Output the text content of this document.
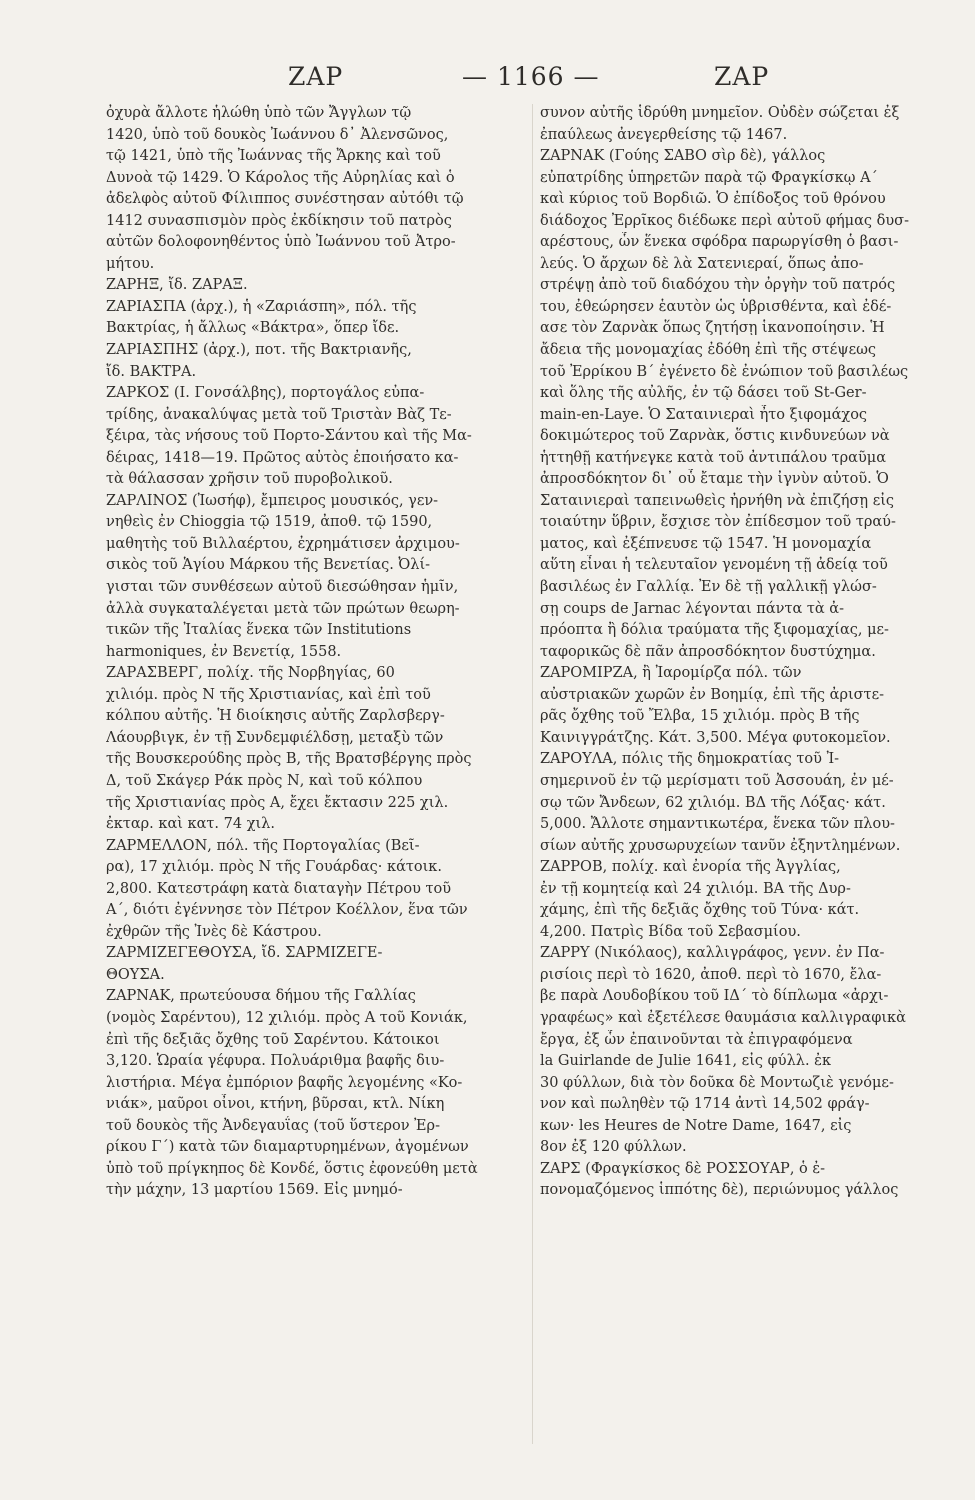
ZAP	— 1166 —	ZAP
ὀχυρὰ ἄλλοτε ἡλώθη ὑπὸ τῶν Ἄγγλων τῷ
1420, ὑπὸ τοῦ δουκὸς Ἰωάννου δ᾽ Ἀλενσῶνος,
τῷ 1421, ὑπὸ τῆς Ἰωάννας τῆς Ἄρκης καὶ τοῦ
Δυνοὰ τῷ 1429. Ὁ Κάρολος τῆς Αὐρηλίας καὶ ὁ
ἀδελφὸς αὐτοῦ Φίλιππος συνέστησαν αὐτόθι τῷ
1412 συνασπισμὸν πρὸς ἐκδίκησιν τοῦ πατρὸς
αὐτῶν δολοφονηθέντος ὑπὸ Ἰωάννου τοῦ Ἀτρο-
μήτου.
ΖΑΡΗΞ, ἴδ. ΖΑΡΑΞ.
ΖΑΡΙΑΣΠΑ (ἀρχ.), ἡ «Ζαριάσπη», πόλ. τῆς
Βακτρίας, ἡ ἄλλως «Βάκτρα», ὅπερ ἴδε.
ΖΑΡΙΑΣΠΗΣ (ἀρχ.), ποτ. τῆς Βακτριανῆς,
ἴδ. ΒΑΚΤΡΑ.
ΖΑΡΚΟΣ (Ι. Γονσάλβης), πορτογάλος εὐπα-
τρίδης, ἀνακαλύψας μετὰ τοῦ Τριστὰν Βὰζ Τε-
ξέιρα, τὰς νήσους τοῦ Πορτο-Σάντου καὶ τῆς Μα-
δέιρας, 1418—19. Πρῶτος αὐτὸς ἐποιήσατο κα-
τὰ θάλασσαν χρῆσιν τοῦ πυροβολικοῦ.
ΖΑΡΛΙΝΟΣ (Ἰωσήφ), ἔμπειρος μουσικός, γεν-
νηθεὶς ἐν Chioggia τῷ 1519, ἀποθ. τῷ 1590,
μαθητὴς τοῦ Βιλλαέρτου, ἐχρημάτισεν ἀρχιμου-
σικὸς τοῦ Ἁγίου Μάρκου τῆς Βενετίας. Ὀλί-
γισται τῶν συνθέσεων αὐτοῦ διεσώθησαν ἡμῖν,
ἀλλὰ συγκαταλέγεται μετὰ τῶν πρώτων θεωρη-
τικῶν τῆς Ἰταλίας ἕνεκα τῶν Institutions
harmoniques, ἐν Βενετίᾳ, 1558.
ΖΑΡΑΣΒΕΡΓ, πολίχ. τῆς Νορβηγίας, 60
χιλιόμ. πρὸς Ν τῆς Χριστιανίας, καὶ ἐπὶ τοῦ
κόλπου αὐτῆς. Ἡ διοίκησις αὐτῆς Ζαρλσβεργ-
Λάουρβιγκ, ἐν τῇ Συνδεμφιέλδσῃ, μεταξὺ τῶν
τῆς Βουσκερούδης πρὸς Β, τῆς Βρατσβέργης πρὸς
Δ, τοῦ Σκάγερ Ράκ πρὸς Ν, καὶ τοῦ κόλπου
τῆς Χριστιανίας πρὸς Α, ἔχει ἔκτασιν 225 χιλ.
ἐκταρ. καὶ κατ. 74 χιλ.
ΖΑΡΜΕΛΛΟΝ, πόλ. τῆς Πορτογαλίας (Βεῖ-
ρα), 17 χιλιόμ. πρὸς Ν τῆς Γουάρδας· κάτοικ.
2,800. Κατεστράφη κατὰ διαταγὴν Πέτρου τοῦ
Α΄, διότι ἐγέννησε τὸν Πέτρον Κοέλλον, ἕνα τῶν
ἐχθρῶν τῆς Ἰνὲς δὲ Κάστρου.
ΖΑΡΜΙΖΕΓΕΘΟΥΣΑ, ἴδ. ΣΑΡΜΙΖΕΓΕ-
ΘΟΥΣΑ.
ΖΑΡΝΑΚ, πρωτεύουσα δήμου τῆς Γαλλίας
(νομὸς Σαρέντου), 12 χιλιόμ. πρὸς Α τοῦ Κονιάκ,
ἐπὶ τῆς δεξιᾶς ὄχθης τοῦ Σαρέντου. Κάτοικοι
3,120. Ὡραία γέφυρα. Πολυάριθμα βαφῆς διυ-
λιστήρια. Μέγα ἐμπόριον βαφῆς λεγομένης «Κο-
νιάκ», μαῦροι οἶνοι, κτήνη, βῦρσαι, κτλ. Νίκη
τοῦ δουκὸς τῆς Ἀνδεγαυΐας (τοῦ ὕστερον Ἐρ-
ρίκου Γ΄) κατὰ τῶν διαμαρτυρημένων, ἀγομένων
ὑπὸ τοῦ πρίγκηπος δὲ Κονδέ, ὅστις ἐφονεύθη μετὰ
τὴν μάχην, 13 μαρτίου 1569. Εἰς μνημό-
συνον αὐτῆς ἱδρύθη μνημεῖον. Οὐδὲν σώζεται ἐξ
ἐπαύλεως ἀνεγερθείσης τῷ 1467.
ΖΑΡΝΑΚ (Γούης ΣΑΒΟ σὶρ δὲ), γάλλος
εὐπατρίδης ὑπηρετῶν παρὰ τῷ Φραγκίσκῳ Α΄
καὶ κύριος τοῦ Βορδιῶ. Ὁ ἐπίδοξος τοῦ θρόνου
διάδοχος Ἐρρῖκος διέδωκε περὶ αὐτοῦ φήμας δυσ-
αρέστους, ὧν ἕνεκα σφόδρα παρωργίσθη ὁ βασι-
λεύς. Ὁ ἄρχων δὲ λὰ Σατενιεραί, ὅπως ἀπο-
στρέψῃ ἀπὸ τοῦ διαδόχου τὴν ὀργὴν τοῦ πατρός
του, ἐθεώρησεν ἑαυτὸν ὡς ὑβρισθέντα, καὶ ἐδέ-
ασε τὸν Ζαρνὰκ ὅπως ζητήσῃ ἱκανοποίησιν. Ἡ
ἄδεια τῆς μονομαχίας ἐδόθη ἐπὶ τῆς στέψεως
τοῦ Ἐρρίκου Β΄ ἐγένετο δὲ ἐνώπιον τοῦ βασιλέως
καὶ ὅλης τῆς αὐλῆς, ἐν τῷ δάσει τοῦ St-Ger-
main-en-Laye. Ὁ Σαταινιεραὶ ἦτο ξιφομάχος
δοκιμώτερος τοῦ Ζαρνὰκ, ὅστις κινδυνεύων νὰ
ἡττηθῇ κατήνεγκε κατὰ τοῦ ἀντιπάλου τραῦμα
ἀπροσδόκητον δι᾽ οὗ ἔταμε τὴν ἰγνὺν αὐτοῦ. Ὁ
Σαταινιεραὶ ταπεινωθεὶς ἠρνήθη νὰ ἐπιζήσῃ εἰς
τοιαύτην ὕβριν, ἔσχισε τὸν ἐπίδεσμον τοῦ τραύ-
ματος, καὶ ἐξέπνευσε τῷ 1547. Ἡ μονομαχία
αὕτη εἶναι ἡ τελευταῖον γενομένη τῇ ἀδείᾳ τοῦ
βασιλέως ἐν Γαλλίᾳ. Ἐν δὲ τῇ γαλλικῇ γλώσ-
σῃ coups de Jarnac λέγονται πάντα τὰ ἀ-
πρόοπτα ἢ δόλια τραύματα τῆς ξιφομαχίας, με-
ταφορικῶς δὲ πᾶν ἀπροσδόκητον δυστύχημα.
ΖΑΡΟΜΙΡΖΑ, ἢ Ἰαρομίρζα πόλ. τῶν
αὐστριακῶν χωρῶν ἐν Βοημίᾳ, ἐπὶ τῆς ἀριστε-
ρᾶς ὄχθης τοῦ Ἔλβα, 15 χιλιόμ. πρὸς Β τῆς
Καινιγγράτζης. Κάτ. 3,500. Μέγα φυτοκομεῖον.
ΖΑΡΟΥΛΑ, πόλις τῆς δημοκρατίας τοῦ Ἰ-
σημερινοῦ ἐν τῷ μερίσματι τοῦ Ἀσσουάη, ἐν μέ-
σῳ τῶν Ἄνδεων, 62 χιλιόμ. ΒΔ τῆς Λόξας· κάτ.
5,000. Ἄλλοτε σημαντικωτέρα, ἕνεκα τῶν πλου-
σίων αὐτῆς χρυσωρυχείων τανῦν ἐξηντλημένων.
ΖΑΡΡΟΒ, πολίχ. καὶ ἐνορία τῆς Ἀγγλίας,
ἐν τῇ κομητείᾳ καὶ 24 χιλιόμ. ΒΑ τῆς Δυρ-
χάμης, ἐπὶ τῆς δεξιᾶς ὄχθης τοῦ Τύνα· κάτ.
4,200. Πατρὶς Βίδα τοῦ Σεβασμίου.
ΖΑΡΡΥ (Νικόλαος), καλλιγράφος, γενν. ἐν Πα-
ρισίοις περὶ τὸ 1620, ἀποθ. περὶ τὸ 1670, ἔλα-
βε παρὰ Λουδοβίκου τοῦ ΙΔ΄ τὸ δίπλωμα «ἀρχι-
γραφέως» καὶ ἐξετέλεσε θαυμάσια καλλιγραφικὰ
ἔργα, ἐξ ὧν ἐπαινοῦνται τὰ ἐπιγραφόμενα
la Guirlande de Julie 1641, εἰς φύλλ. ἐκ
30 φύλλων, διὰ τὸν δοῦκα δὲ Μοντωζιὲ γενόμε-
νον καὶ πωληθὲν τῷ 1714 ἀντὶ 14,502 φράγ-
κων· les Heures de Notre Dame, 1647, εἰς
8ον ἐξ 120 φύλλων.
ΖΑΡΣ (Φραγκίσκος δὲ ΡΟΣΣΟΥΑΡ, ὁ ἐ-
πονομαζόμενος ἱππότης δὲ), περιώνυμος γάλλος
